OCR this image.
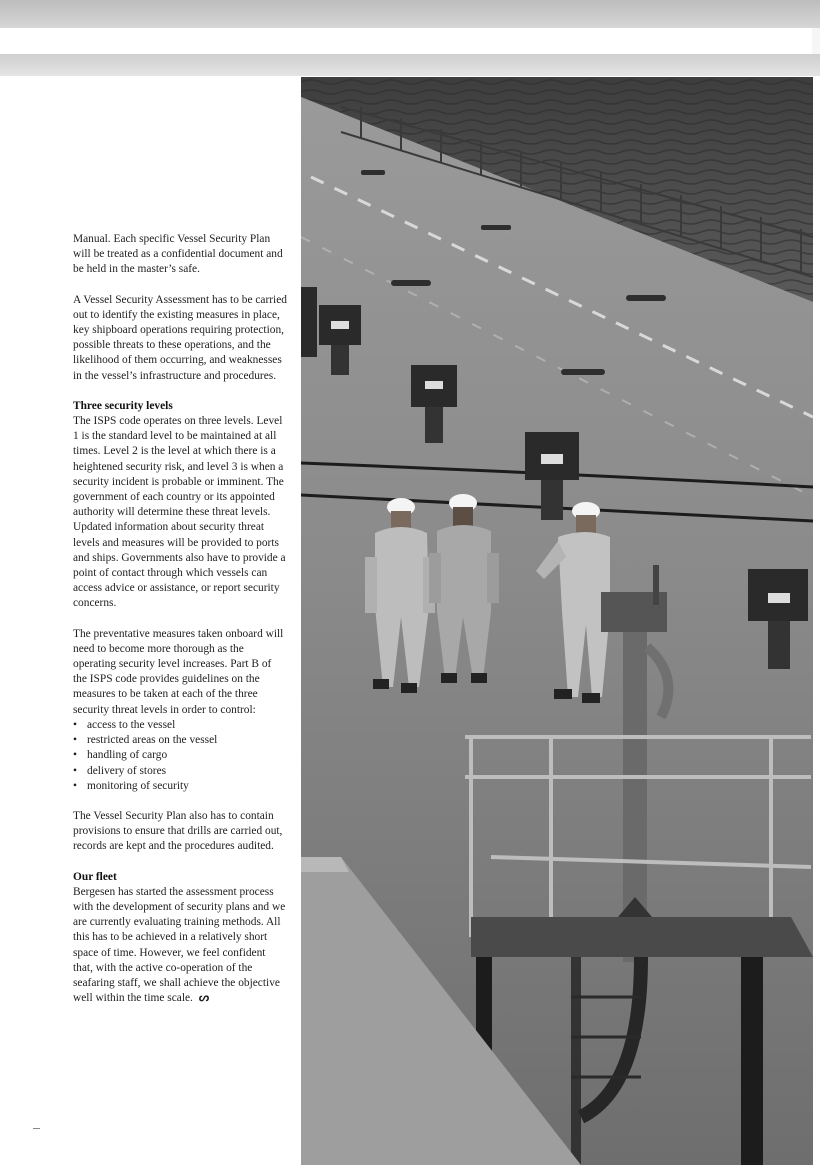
Manual. Each specific Vessel Security Plan will be treated as a confidential document and be held in the master’s safe.

A Vessel Security Assessment has to be carried out to identify the existing measures in place, key shipboard operations requiring protection, possible threats to these operations, and the likelihood of them occurring, and weaknesses in the vessel’s infrastructure and procedures.

Three security levels

The ISPS code operates on three levels. Level 1 is the standard level to be maintained at all times. Level 2 is the level at which there is a heightened security risk, and level 3 is when a security incident is probable or imminent. The government of each country or its appointed authority will determine these threat levels. Updated information about security threat levels and measures will be provided to ports and ships. Governments also have to provide a point of contact through which vessels can access advice or assistance, or report security concerns.

The preventative measures taken onboard will need to become more thorough as the operating security level increases. Part B of the ISPS code provides guidelines on the measures to be taken at each of the three security threat levels in order to control:

• access to the vessel
• restricted areas on the vessel
• handling of cargo
• delivery of stores
• monitoring of security

The Vessel Security Plan also has to contain provisions to ensure that drills are carried out, records are kept and the procedures audited.

Our fleet

Bergesen has started the assessment process with the development of security plans and we are currently evaluating training methods. All this has to be achieved in a relatively short space of time. However, we feel confident that, with the active co-operation of the seafaring staff, we shall achieve the objective well within the time scale. ᔕ
